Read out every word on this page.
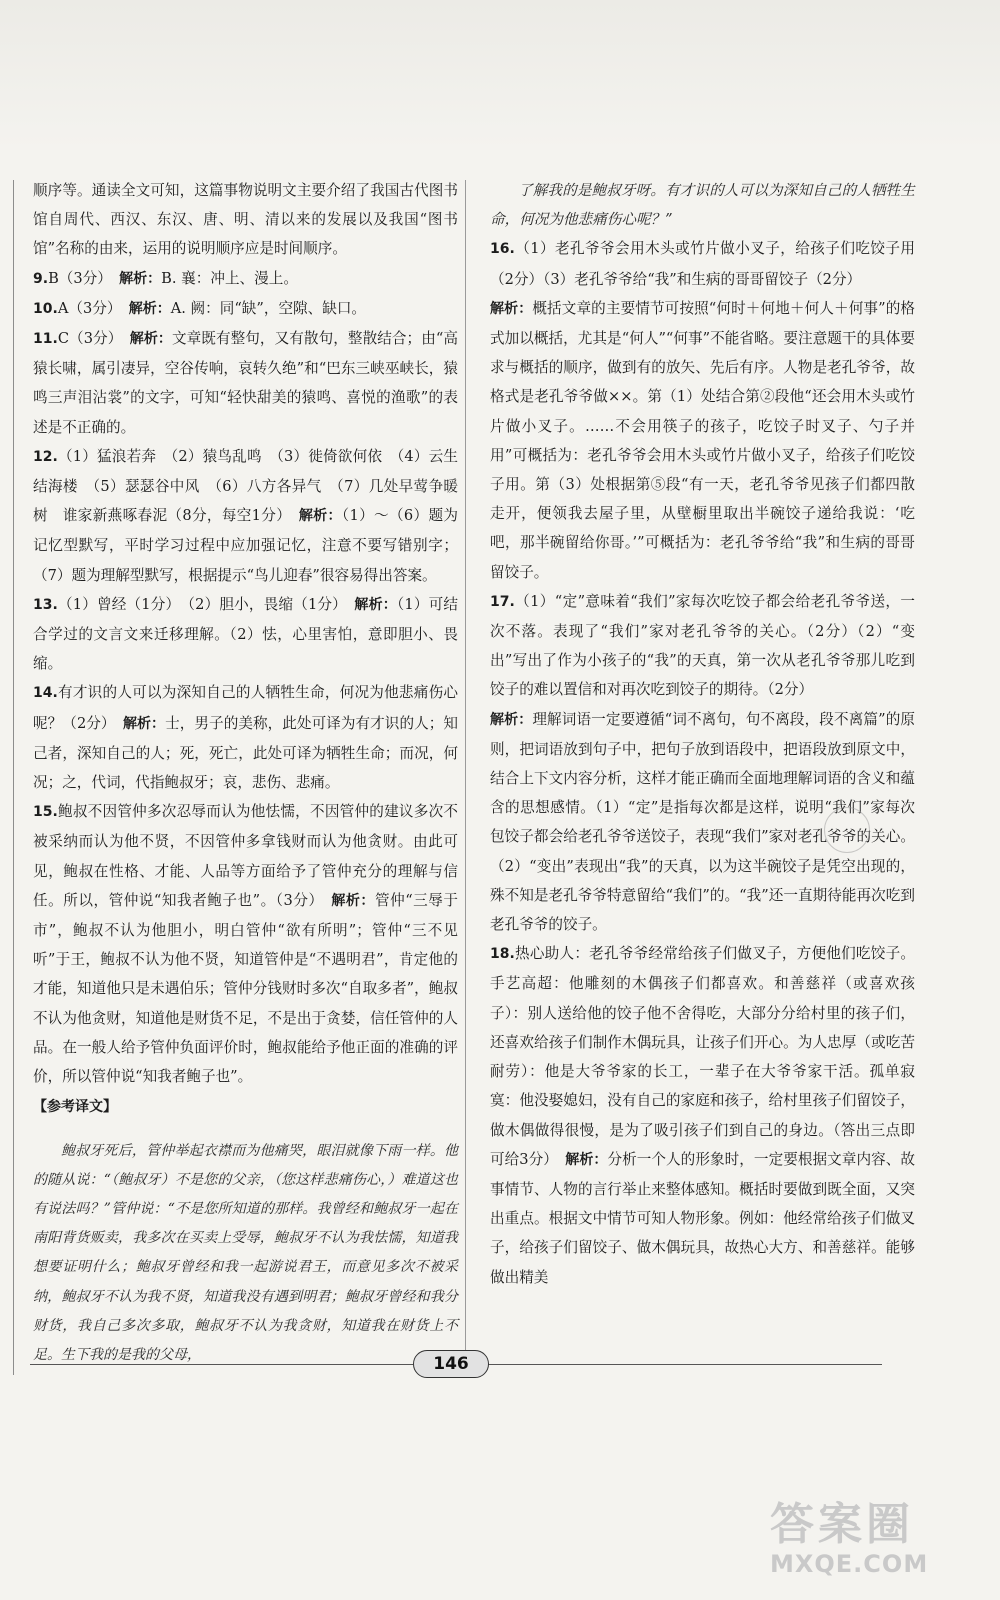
顺序等。通读全文可知，这篇事物说明文主要介绍了我国古代图书馆自周代、西汉、东汉、唐、明、清以来的发展以及我国“图书馆”名称的由来，运用的说明顺序应是时间顺序。

9.B（3分）　 解析：B. 襄：冲上、漫上。

10.A（3分）　 解析：A. 阙：同“缺”，空隙、缺口。

11.C（3分）　 解析：文章既有整句，又有散句，整散结合；由“高猿长啸，属引凄异，空谷传响，哀转久绝”和“巴东三峡巫峡长，猿鸣三声泪沾裳”的文字，可知“轻快甜美的猿鸣、喜悦的渔歌”的表述是不正确的。

12.（1）猛浪若奔　（2）猿鸟乱鸣　（3）徙倚欲何依　（4）云生结海楼　（5）瑟瑟谷中风　（6）八方各异气　（7）几处早莺争暖树　谁家新燕啄春泥（8分，每空1分）　 解析：（1）～（6）题为记忆型默写，平时学习过程中应加强记忆，注意不要写错别字；（7）题为理解型默写，根据提示“鸟儿迎春”很容易得出答案。

13.（1）曾经（1分）　（2）胆小，畏缩（1分）　 解析：（1）可结合学过的文言文来迁移理解。（2）怯，心里害怕，意即胆小、畏缩。

14.有才识的人可以为深知自己的人牺牲生命，何况为他悲痛伤心呢？（2分）　 解析：士，男子的美称，此处可译为有才识的人；知己者，深知自己的人；死，死亡，此处可译为牺牲生命；而况，何况；之，代词，代指鲍叔牙；哀，悲伤、悲痛。

15.鲍叔不因管仲多次忍辱而认为他怯懦，不因管仲的建议多次不被采纳而认为他不贤，不因管仲多拿钱财而认为他贪财。由此可见，鲍叔在性格、才能、人品等方面给予了管仲充分的理解与信任。所以，管仲说“知我者鲍子也”。（3分）　 解析：管仲“三辱于市”，鲍叔不认为他胆小，明白管仲“欲有所明”；管仲“三不见听”于王，鲍叔不认为他不贤，知道管仲是“不遇明君”，肯定他的才能，知道他只是未遇伯乐；管仲分钱财时多次“自取多者”，鲍叔不认为他贪财，知道他是财货不足，不是出于贪婪，信任管仲的人品。在一般人给予管仲负面评价时，鲍叔能给予他正面的准确的评价，所以管仲说“知我者鲍子也”。

【参考译文】

鲍叔牙死后，管仲举起衣襟而为他痛哭，眼泪就像下雨一样。他的随从说：“（鲍叔牙）不是您的父亲，（您这样悲痛伤心，）难道这也有说法吗？”管仲说：“不是您所知道的那样。我曾经和鲍叔牙一起在南阳背货贩卖，我多次在买卖上受辱，鲍叔牙不认为我怯懦，知道我想要证明什么；鲍叔牙曾经和我一起游说君王，而意见多次不被采纳，鲍叔牙不认为我不贤，知道我没有遇到明君；鲍叔牙曾经和我分财货，我自己多次多取，鲍叔牙不认为我贪财，知道我在财货上不足。生下我的是我的父母，

了解我的是鲍叔牙呀。有才识的人可以为深知自己的人牺牲生命，何况为他悲痛伤心呢？”

16.（1）老孔爷爷会用木头或竹片做小叉子，给孩子们吃饺子用（2分）（3）老孔爷爷给“我”和生病的哥哥留饺子（2分）

解析：概括文章的主要情节可按照“何时＋何地＋何人＋何事”的格式加以概括，尤其是“何人”“何事”不能省略。要注意题干的具体要求与概括的顺序，做到有的放矢、先后有序。人物是老孔爷爷，故格式是老孔爷爷做××。第（1）处结合第②段他“还会用木头或竹片做小叉子。……不会用筷子的孩子，吃饺子时叉子、勺子并用”可概括为：老孔爷爷会用木头或竹片做小叉子，给孩子们吃饺子用。第（3）处根据第⑤段“有一天，老孔爷爷见孩子们都四散走开，便领我去屋子里，从壁橱里取出半碗饺子递给我说：‘吃吧，那半碗留给你哥。’”可概括为：老孔爷爷给“我”和生病的哥哥留饺子。

17.（1）“定”意味着“我们”家每次吃饺子都会给老孔爷爷送，一次不落。表现了“我们”家对老孔爷爷的关心。（2分）（2）“变出”写出了作为小孩子的“我”的天真，第一次从老孔爷爷那儿吃到饺子的难以置信和对再次吃到饺子的期待。（2分）

解析：理解词语一定要遵循“词不离句，句不离段，段不离篇”的原则，把词语放到句子中，把句子放到语段中，把语段放到原文中，结合上下文内容分析，这样才能正确而全面地理解词语的含义和蕴含的思想感情。（1）“定”是指每次都是这样，说明“我们”家每次包饺子都会给老孔爷爷送饺子，表现“我们”家对老孔爷爷的关心。（2）“变出”表现出“我”的天真，以为这半碗饺子是凭空出现的，殊不知是老孔爷爷特意留给“我们”的。“我”还一直期待能再次吃到老孔爷爷的饺子。

18.热心助人：老孔爷爷经常给孩子们做叉子，方便他们吃饺子。手艺高超：他雕刻的木偶孩子们都喜欢。和善慈祥（或喜欢孩子）：别人送给他的饺子他不舍得吃，大部分分给村里的孩子们，还喜欢给孩子们制作木偶玩具，让孩子们开心。为人忠厚（或吃苦耐劳）：他是大爷爷家的长工，一辈子在大爷爷家干活。孤单寂寞：他没娶媳妇，没有自己的家庭和孩子，给村里孩子们留饺子，做木偶做得很慢，是为了吸引孩子们到自己的身边。（答出三点即可给3分）　 解析：分析一个人的形象时，一定要根据文章内容、故事情节、人物的言行举止来整体感知。概括时要做到既全面，又突出重点。根据文中情节可知人物形象。例如：他经常给孩子们做叉子，给孩子们留饺子、做木偶玩具，故热心大方、和善慈祥。能够做出精美

146
答案圈
MXQE.COM
